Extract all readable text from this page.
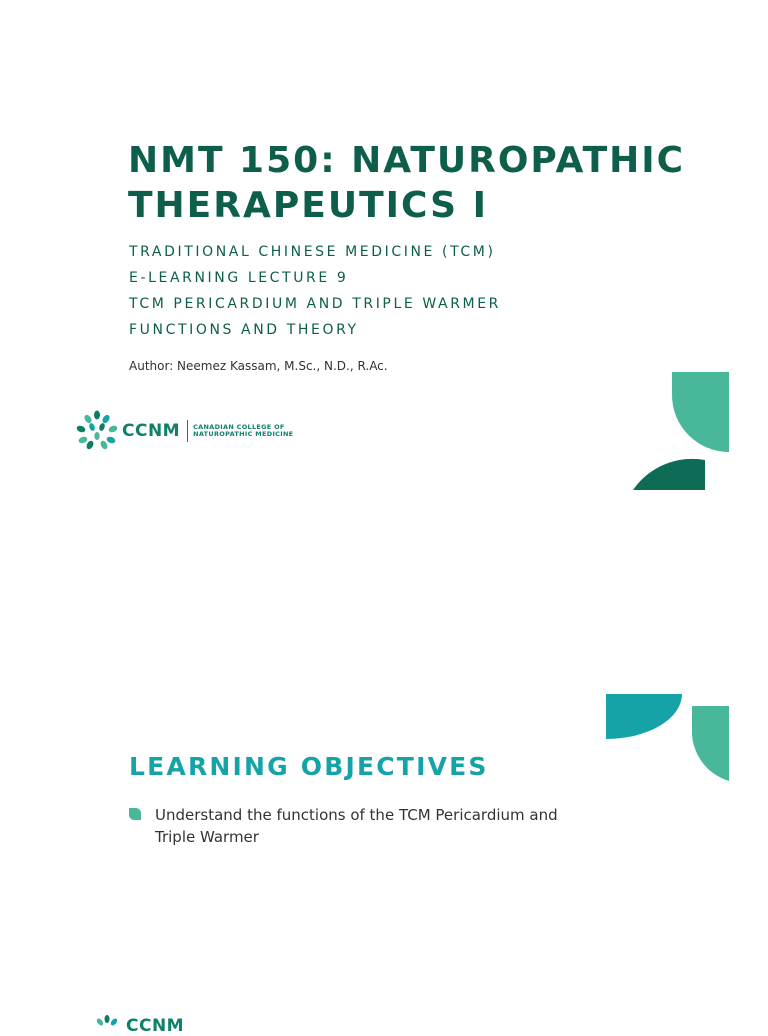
NMT 150: NATUROPATHIC
THERAPEUTICS I
TRADITIONAL CHINESE MEDICINE (TCM)
E-LEARNING LECTURE 9
TCM PERICARDIUM AND TRIPLE WARMER
FUNCTIONS AND THEORY
Author: Neemez Kassam, M.Sc., N.D., R.Ac.
CCNM CANADIAN COLLEGE OF
NATUROPATHIC MEDICINE
LEARNING OBJECTIVES
Understand the functions of the TCM Pericardium and Triple Warmer
CCNM
